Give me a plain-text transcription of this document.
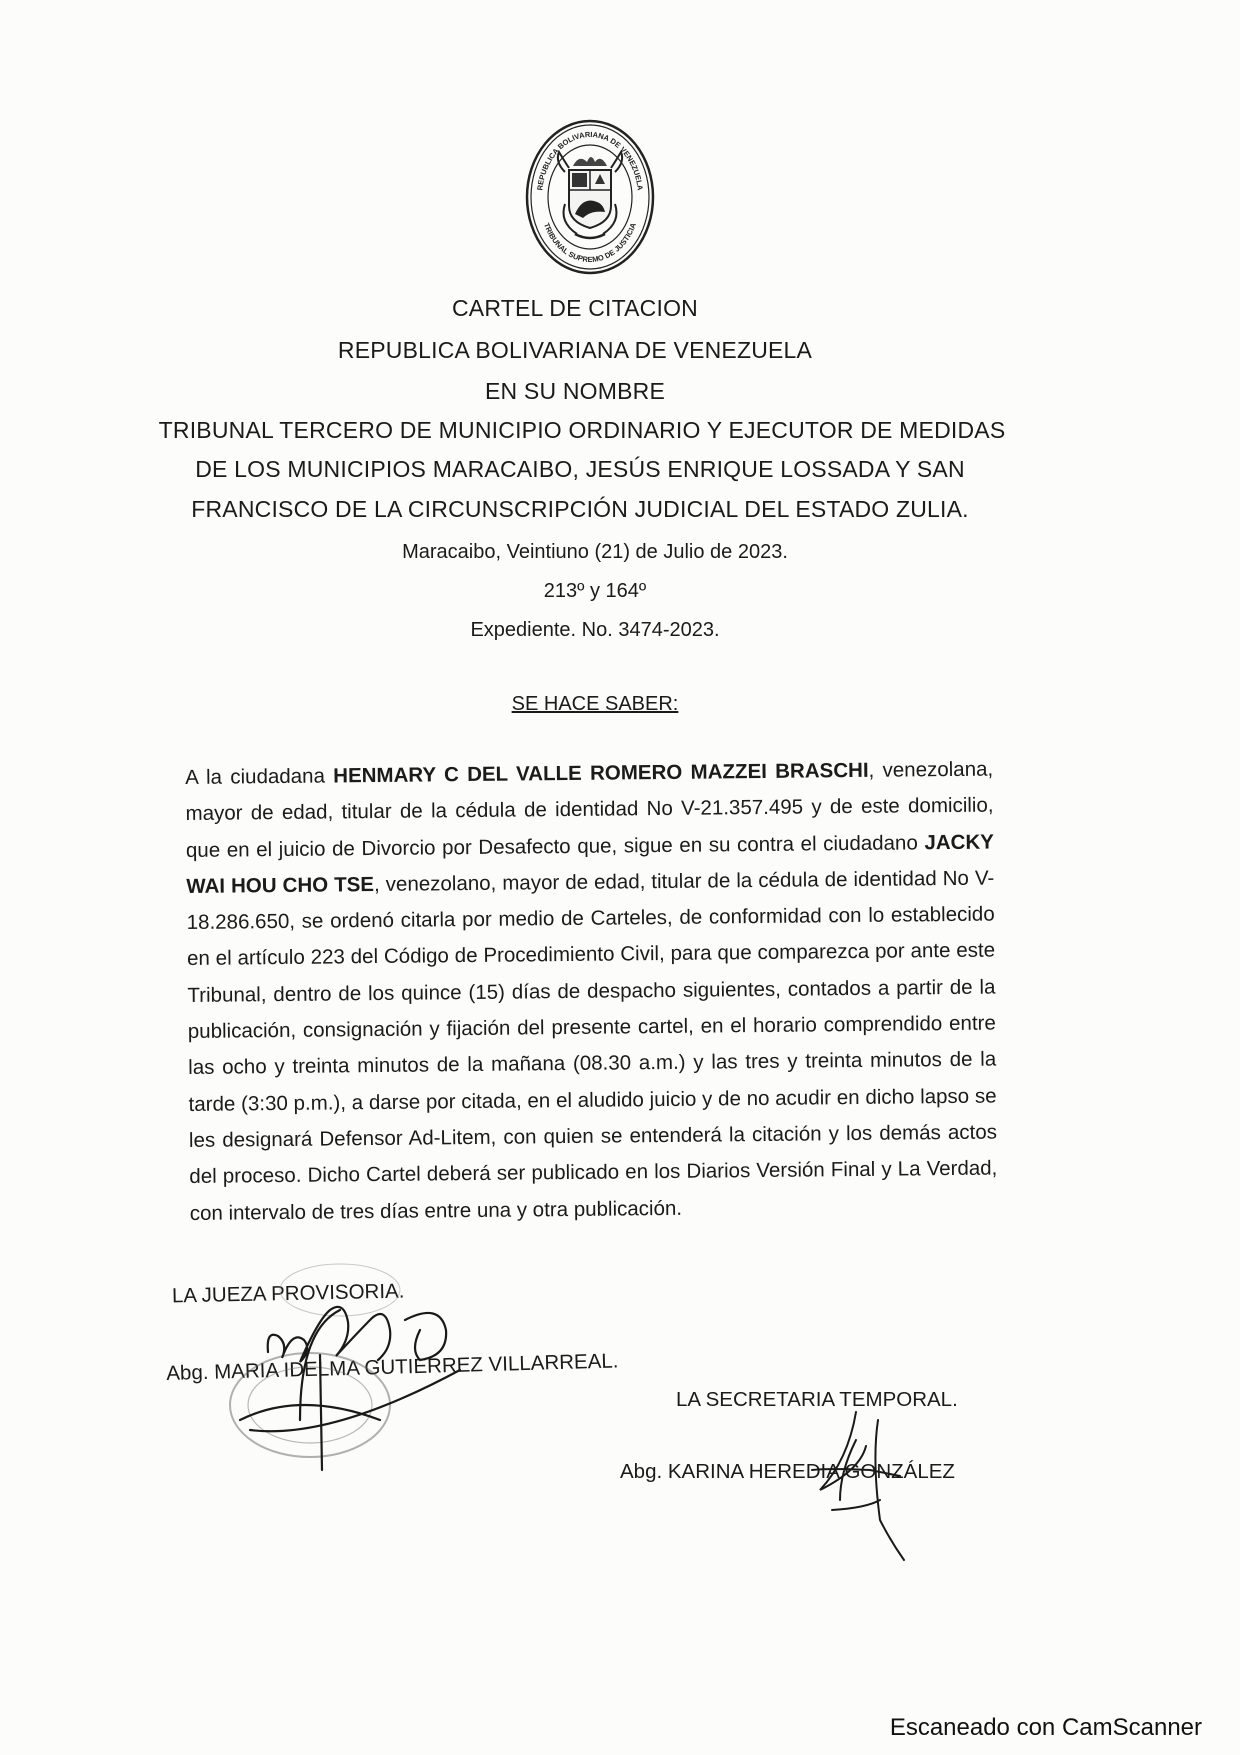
REPUBLICA BOLIVARIANA DE VENEZUELA
TRIBUNAL SUPREMO DE JUSTICIA
CARTEL DE CITACION
REPUBLICA BOLIVARIANA DE VENEZUELA
EN SU NOMBRE
TRIBUNAL TERCERO DE MUNICIPIO ORDINARIO Y EJECUTOR DE MEDIDAS
DE LOS MUNICIPIOS MARACAIBO, JESÚS ENRIQUE LOSSADA Y SAN
FRANCISCO DE LA CIRCUNSCRIPCIÓN JUDICIAL DEL ESTADO ZULIA.
Maracaibo, Veintiuno (21) de Julio de 2023.
213º y 164º
Expediente. No. 3474-2023.
SE HACE SABER:
A la ciudadana HENMARY C DEL VALLE ROMERO MAZZEI BRASCHI, venezolana, mayor de edad, titular de la cédula de identidad No V-21.357.495 y de este domicilio, que en el juicio de Divorcio por Desafecto que, sigue en su contra el ciudadano JACKY WAI HOU CHO TSE, venezolano, mayor de edad, titular de la cédula de identidad No V-18.286.650, se ordenó citarla por medio de Carteles, de conformidad con lo establecido en el artículo 223 del Código de Procedimiento Civil, para que comparezca por ante este Tribunal, dentro de los quince (15) días de despacho siguientes, contados a partir de la publicación, consignación y fijación del presente cartel, en el horario comprendido entre las ocho y treinta minutos de la mañana (08.30 a.m.) y las tres y treinta minutos de la tarde (3:30 p.m.), a darse por citada, en el aludido juicio y de no acudir en dicho lapso se les designará Defensor Ad-Litem, con quien se entenderá la citación y los demás actos del proceso. Dicho Cartel deberá ser publicado en los Diarios Versión Final y La Verdad, con intervalo de tres días entre una y otra publicación.
LA JUEZA PROVISORIA.
Abg. MARIA IDELMA GUTIERREZ VILLARREAL.
LA SECRETARIA TEMPORAL.
Abg. KARINA HEREDIA GONZÁLEZ
Escaneado con CamScanner
